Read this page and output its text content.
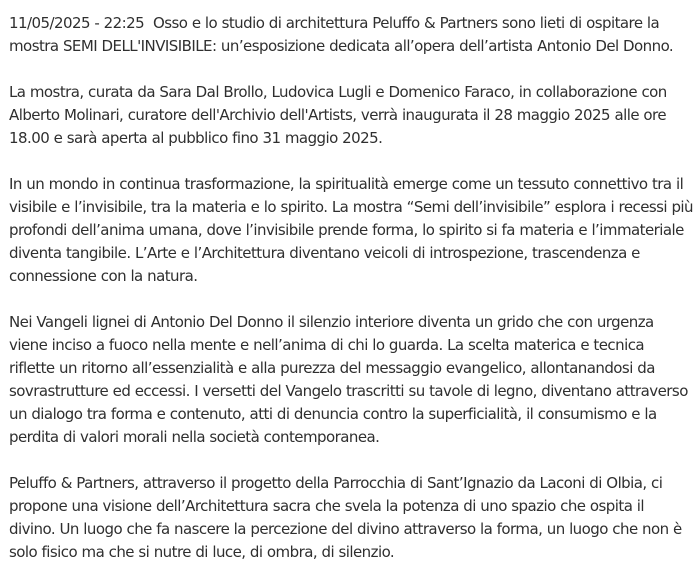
11/05/2025 - 22:25 Osso e lo studio di architettura Peluffo & Partners sono lieti di ospitare la mostra SEMI DELL'INVISIBILE: un’esposizione dedicata all’opera dell’artista Antonio Del Donno.

La mostra, curata da Sara Dal Brollo, Ludovica Lugli e Domenico Faraco, in collaborazione con Alberto Molinari, curatore dell'Archivio dell'Artists, verrà inaugurata il 28 maggio 2025 alle ore 18.00 e sarà aperta al pubblico fino 31 maggio 2025.

In un mondo in continua trasformazione, la spiritualità emerge come un tessuto connettivo tra il visibile e l’invisibile, tra la materia e lo spirito. La mostra “Semi dell’invisibile” esplora i recessi più profondi dell’anima umana, dove l’invisibile prende forma, lo spirito si fa materia e l’immateriale diventa tangibile. L’Arte e l’Architettura diventano veicoli di introspezione, trascendenza e connessione con la natura.

Nei Vangeli lignei di Antonio Del Donno il silenzio interiore diventa un grido che con urgenza viene inciso a fuoco nella mente e nell’anima di chi lo guarda. La scelta materica e tecnica riflette un ritorno all’essenzialità e alla purezza del messaggio evangelico, allontanandosi da sovrastrutture ed eccessi. I versetti del Vangelo trascritti su tavole di legno, diventano attraverso un dialogo tra forma e contenuto, atti di denuncia contro la superficialità, il consumismo e la perdita di valori morali nella società contemporanea.

Peluffo & Partners, attraverso il progetto della Parrocchia di Sant’Ignazio da Laconi di Olbia, ci propone una visione dell’Architettura sacra che svela la potenza di uno spazio che ospita il divino. Un luogo che fa nascere la percezione del divino attraverso la forma, un luogo che non è solo fisico ma che si nutre di luce, di ombra, di silenzio.
